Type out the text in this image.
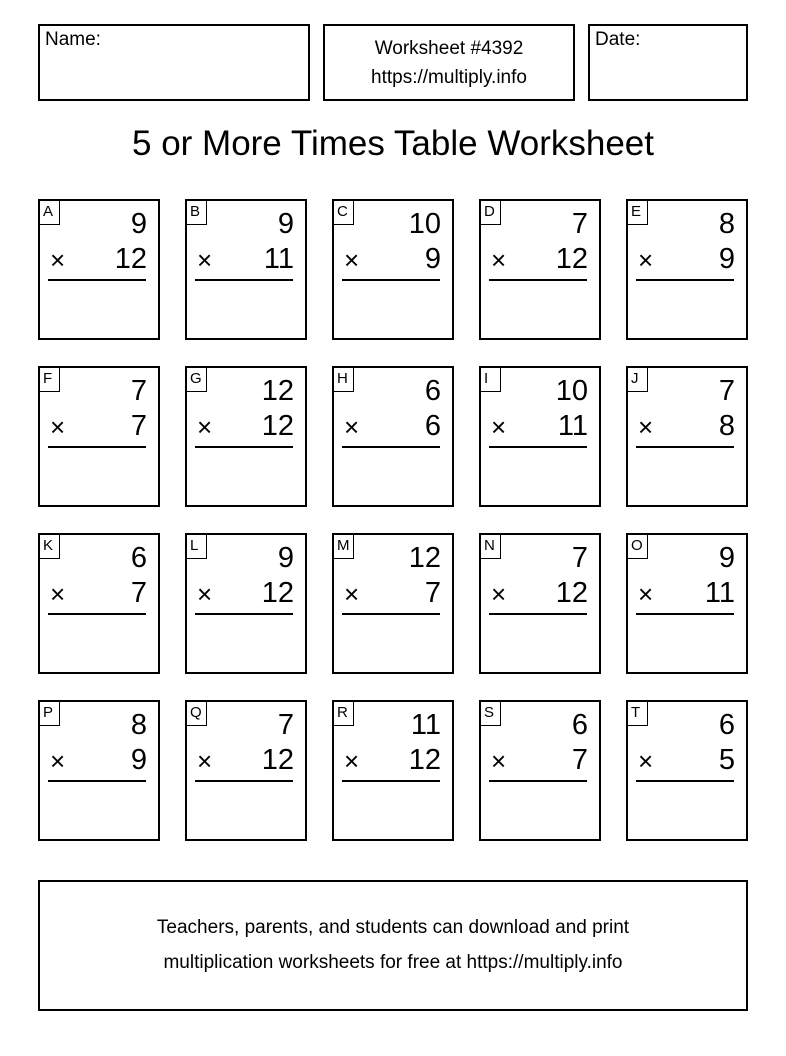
Name:	Worksheet #4392
https://multiply.info
Date:
5 or More Times Table Worksheet
A	9
× 12
B	9
× 11
C 10
× 9
D	7
× 12
E	8
× 9
F	7
× 7
G 12
× 12
H	6
× 6
I	10
× 11
J	7
× 8
K	6
× 7
L	9
× 12
M 12
× 7
N	7
× 12
O	9
× 11
P	8
× 9
Q	7
× 12
R 11
× 12
S	6
× 7
T	6
× 5
Teachers, parents, and students can download and print
multiplication worksheets for free at https://multiply.info
